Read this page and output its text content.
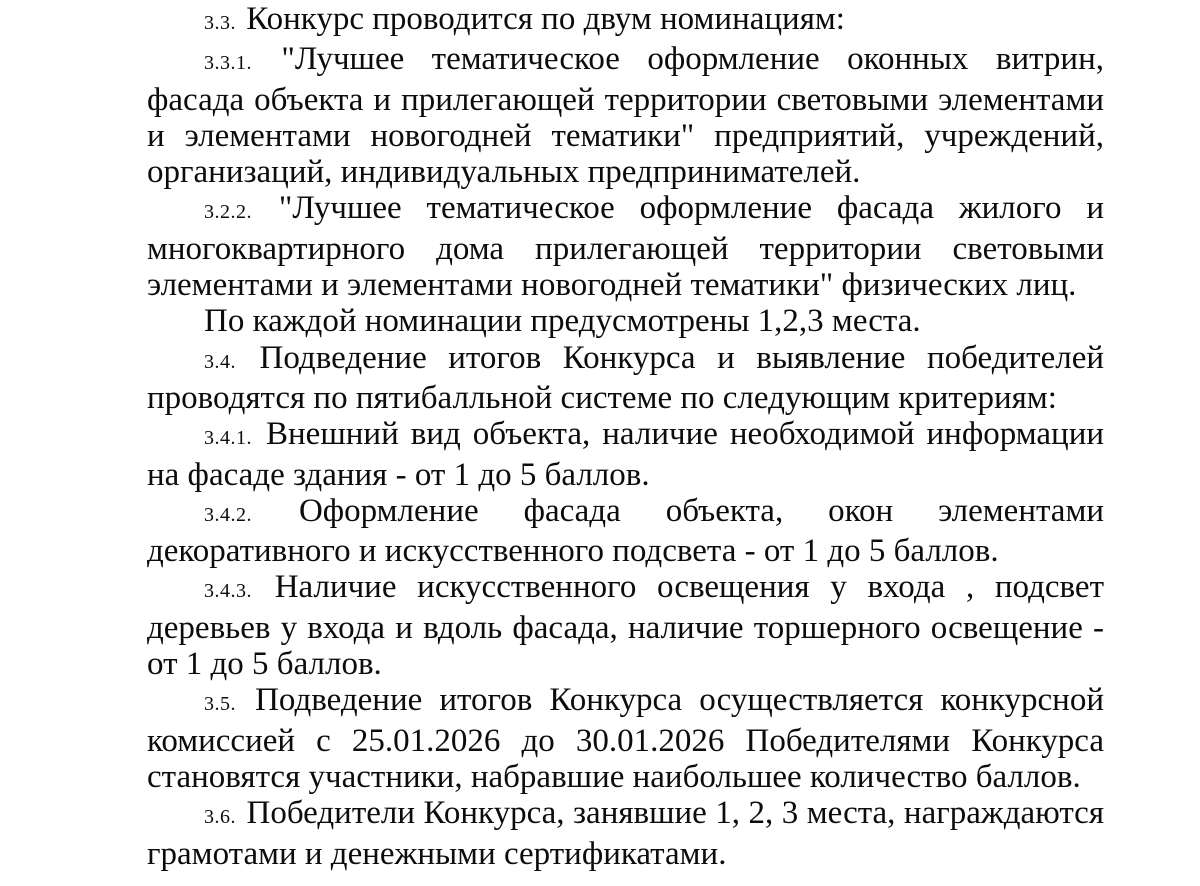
3.3. Конкурс проводится по двум номинациям:

3.3.1. "Лучшее тематическое оформление оконных витрин, фасада объекта и прилегающей территории световыми элементами и элементами новогодней тематики" предприятий, учреждений, организаций, индивидуальных предпринимателей.

3.2.2. "Лучшее тематическое оформление фасада жилого и многоквартирного дома прилегающей территории световыми элементами и элементами новогодней тематики" физических лиц.

По каждой номинации предусмотрены 1,2,3 места.

3.4. Подведение итогов Конкурса и выявление победителей проводятся по пятибалльной системе по следующим критериям:

3.4.1. Внешний вид объекта, наличие необходимой информации на фасаде здания - от 1 до 5 баллов.

3.4.2. Оформление фасада объекта, окон элементами декоративного и искусственного подсвета - от 1 до 5 баллов.

3.4.3. Наличие искусственного освещения у входа , подсвет деревьев у входа и вдоль фасада, наличие торшерного освещение - от 1 до 5 баллов.

3.5. Подведение итогов Конкурса осуществляется конкурсной комиссией с 25.01.2026 до 30.01.2026 Победителями Конкурса становятся участники, набравшие наибольшее количество баллов.

3.6. Победители Конкурса, занявшие 1, 2, 3 места, награждаются грамотами и денежными сертификатами.
